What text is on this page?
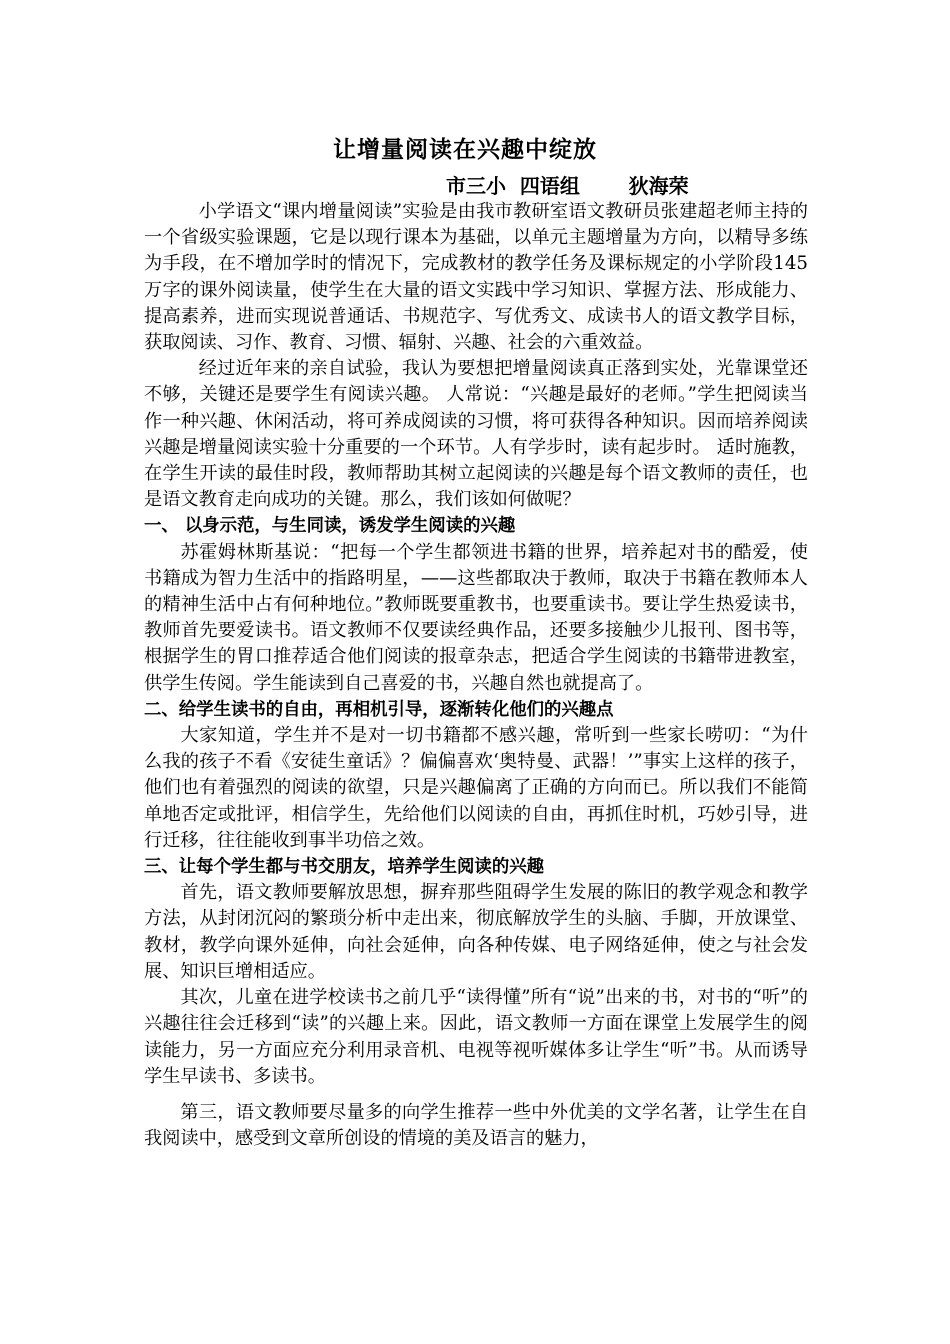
让增量阅读在兴趣中绽放
市三小  四语组       狄海荣

小学语文“课内增量阅读”实验是由我市教研室语文教研员张建超老师主持的一个省级实验课题，它是以现行课本为基础，以单元主题增量为方向，以精导多练为手段，在不增加学时的情况下，完成教材的教学任务及课标规定的小学阶段145万字的课外阅读量，使学生在大量的语文实践中学习知识、掌握方法、形成能力、提高素养，进而实现说普通话、书规范字、写优秀文、成读书人的语文教学目标，获取阅读、习作、教育、习惯、辐射、兴趣、社会的六重效益。

经过近年来的亲自试验，我认为要想把增量阅读真正落到实处，光靠课堂还不够，关键还是要学生有阅读兴趣。 人常说：“兴趣是最好的老师。”学生把阅读当作一种兴趣、休闲活动，将可养成阅读的习惯，将可获得各种知识。因而培养阅读兴趣是增量阅读实验十分重要的一个环节。人有学步时，读有起步时。 适时施教，在学生开读的最佳时段，教师帮助其树立起阅读的兴趣是每个语文教师的责任，也是语文教育走向成功的关键。那么，我们该如何做呢？

一、 以身示范，与生同读，诱发学生阅读的兴趣

苏霍姆林斯基说：“把每一个学生都领进书籍的世界，培养起对书的酷爱，使书籍成为智力生活中的指路明星，——这些都取决于教师，取决于书籍在教师本人的精神生活中占有何种地位。”教师既要重教书，也要重读书。要让学生热爱读书，教师首先要爱读书。语文教师不仅要读经典作品，还要多接触少儿报刊、图书等，根据学生的胃口推荐适合他们阅读的报章杂志，把适合学生阅读的书籍带进教室，供学生传阅。学生能读到自己喜爱的书，兴趣自然也就提高了。

二、给学生读书的自由，再相机引导，逐渐转化他们的兴趣点

大家知道，学生并不是对一切书籍都不感兴趣，常听到一些家长唠叨：“为什么我的孩子不看《安徒生童话》？偏偏喜欢‘奥特曼、武器！’”事实上这样的孩子，他们也有着强烈的阅读的欲望，只是兴趣偏离了正确的方向而已。所以我们不能简单地否定或批评，相信学生，先给他们以阅读的自由，再抓住时机，巧妙引导，进行迁移，往往能收到事半功倍之效。

三、让每个学生都与书交朋友，培养学生阅读的兴趣

首先，语文教师要解放思想，摒弃那些阻碍学生发展的陈旧的教学观念和教学方法，从封闭沉闷的繁琐分析中走出来，彻底解放学生的头脑、手脚，开放课堂、教材，教学向课外延伸，向社会延伸，向各种传媒、电子网络延伸，使之与社会发展、知识巨增相适应。

其次，儿童在进学校读书之前几乎“读得懂”所有“说”出来的书，对书的“听”的兴趣往往会迁移到“读”的兴趣上来。因此，语文教师一方面在课堂上发展学生的阅读能力，另一方面应充分利用录音机、电视等视听媒体多让学生“听”书。从而诱导学生早读书、多读书。

第三，语文教师要尽量多的向学生推荐一些中外优美的文学名著，让学生在自我阅读中，感受到文章所创设的情境的美及语言的魅力，
